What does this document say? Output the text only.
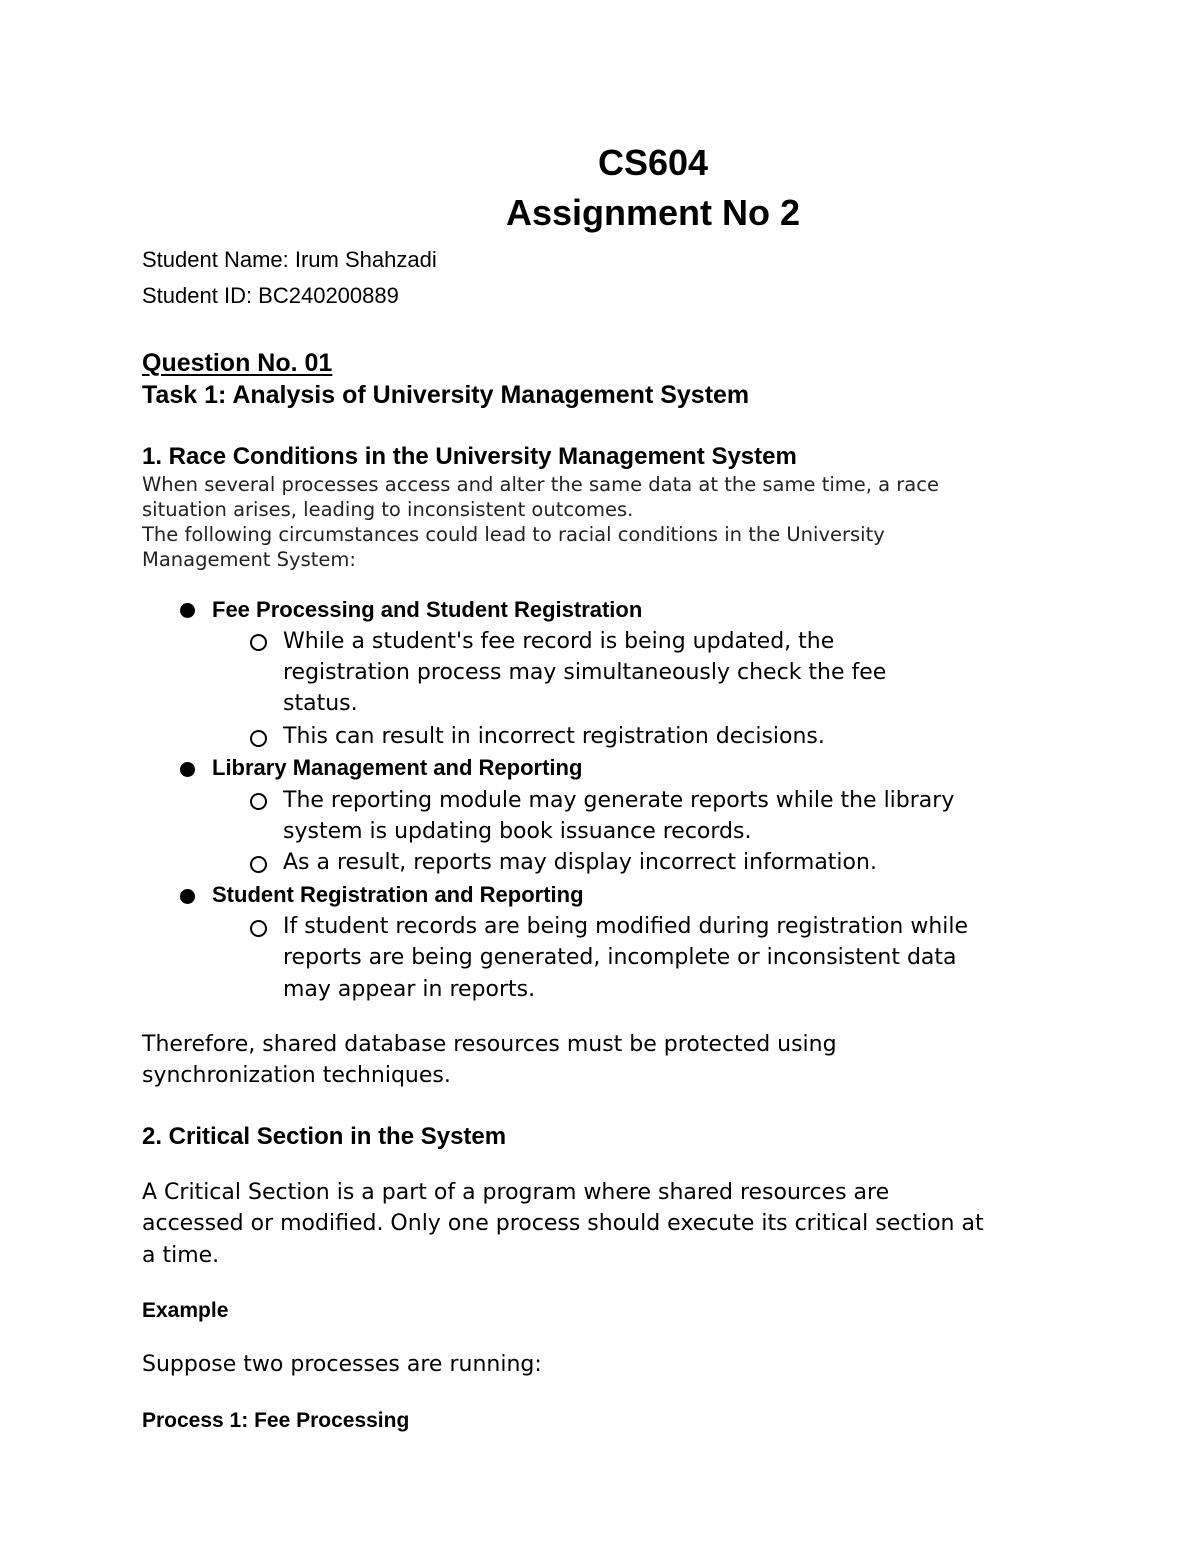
CS604
Assignment No 2
Student Name: Irum Shahzadi
Student ID: BC240200889
Question No. 01
Task 1: Analysis of University Management System
1. Race Conditions in the University Management System
When several processes access and alter the same data at the same time, a race
situation arises, leading to inconsistent outcomes.
The following circumstances could lead to racial conditions in the University
Management System:
Fee Processing and Student Registration
While a student's fee record is being updated, the
registration process may simultaneously check the fee
status.
This can result in incorrect registration decisions.
Library Management and Reporting
The reporting module may generate reports while the library
system is updating book issuance records.
As a result, reports may display incorrect information.
Student Registration and Reporting
If student records are being modified during registration while
reports are being generated, incomplete or inconsistent data
may appear in reports.
Therefore, shared database resources must be protected using
synchronization techniques.
2. Critical Section in the System
A Critical Section is a part of a program where shared resources are
accessed or modified. Only one process should execute its critical section at
a time.
Example
Suppose two processes are running:
Process 1: Fee Processing
